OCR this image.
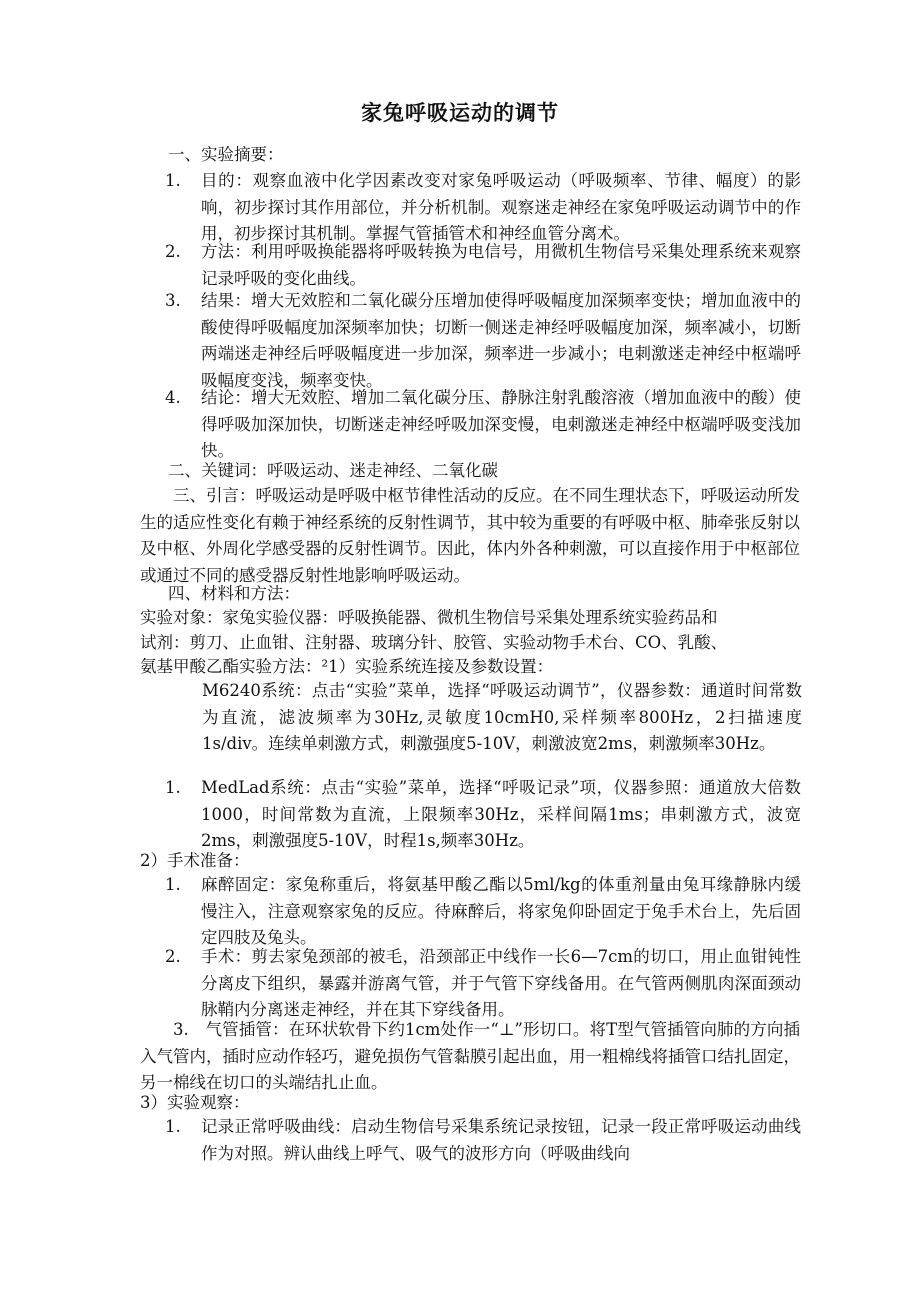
家兔呼吸运动的调节
一、实验摘要：
1.	目的：观察血液中化学因素改变对家兔呼吸运动（呼吸频率、节律、幅度）的影响，初步探讨其作用部位，并分析机制。观察迷走神经在家兔呼吸运动调节中的作用，初步探讨其机制。掌握气管插管术和神经血管分离术。
2.	方法：利用呼吸换能器将呼吸转换为电信号，用微机生物信号采集处理系统来观察记录呼吸的变化曲线。
3.	结果：增大无效腔和二氧化碳分压增加使得呼吸幅度加深频率变快；增加血液中的酸使得呼吸幅度加深频率加快；切断一侧迷走神经呼吸幅度加深，频率减小，切断两端迷走神经后呼吸幅度进一步加深，频率进一步减小；电刺激迷走神经中枢端呼吸幅度变浅，频率变快。
4.	结论：增大无效腔、增加二氧化碳分压、静脉注射乳酸溶液（增加血液中的酸）使得呼吸加深加快，切断迷走神经呼吸加深变慢，电刺激迷走神经中枢端呼吸变浅加快。
二、关键词：呼吸运动、迷走神经、二氧化碳
三、引言：呼吸运动是呼吸中枢节律性活动的反应。在不同生理状态下，呼吸运动所发生的适应性变化有赖于神经系统的反射性调节，其中较为重要的有呼吸中枢、肺牵张反射以及中枢、外周化学感受器的反射性调节。因此，体内外各种刺激，可以直接作用于中枢部位或通过不同的感受器反射性地影响呼吸运动。
四、材料和方法：
实验对象：家兔实验仪器：呼吸换能器、微机生物信号采集处理系统实验药品和
试剂：剪刀、止血钳、注射器、玻璃分针、胶管、实验动物手术台、CO、乳酸、
氨基甲酸乙酯实验方法：²1）实验系统连接及参数设置：
M6240系统：点击“实验”菜单，选择“呼吸运动调节”，仪器参数：通道时间常数为直流，滤波频率为30Hz,灵敏度10cmH0,采样频率800Hz，2扫描速度1s/div。连续单刺激方式，刺激强度5-10V，刺激波宽2ms，刺激频率30Hz。
1.	MedLad系统：点击“实验”菜单，选择“呼吸记录”项，仪器参照：通道放大倍数1000，时间常数为直流，上限频率30Hz，采样间隔1ms；串刺激方式，波宽2ms，刺激强度5-10V，时程1s,频率30Hz。
2）手术准备：
1.	麻醉固定：家兔称重后，将氨基甲酸乙酯以5ml/kg的体重剂量由兔耳缘静脉内缓慢注入，注意观察家兔的反应。待麻醉后，将家兔仰卧固定于兔手术台上，先后固定四肢及兔头。
2.	手术：剪去家兔颈部的被毛，沿颈部正中线作一长6—7cm的切口，用止血钳钝性分离皮下组织，暴露并游离气管，并于气管下穿线备用。在气管两侧肌肉深面颈动脉鞘内分离迷走神经，并在其下穿线备用。
3.　气管插管：在环状软骨下约1cm处作一“⊥”形切口。将T型气管插管向肺的方向插入气管内，插时应动作轻巧，避免损伤气管黏膜引起出血，用一粗棉线将插管口结扎固定，另一棉线在切口的头端结扎止血。
3）实验观察：
1.	记录正常呼吸曲线：启动生物信号采集系统记录按钮，记录一段正常呼吸运动曲线作为对照。辨认曲线上呼气、吸气的波形方向（呼吸曲线向
